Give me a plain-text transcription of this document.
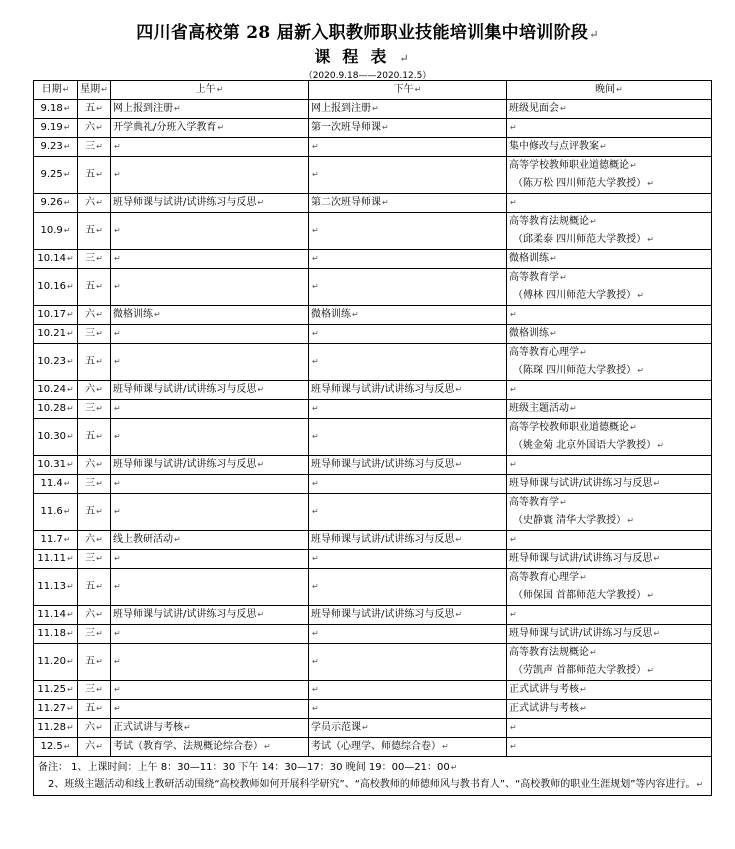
四川省高校第 28 届新入职教师职业技能培训集中培训阶段↵
课程表↵
（2020.9.18——2020.12.5）
日期↵	星期↵	上午↵	下午↵	晚间↵
9.18↵	五↵	网上报到注册↵	网上报到注册↵	班级见面会↵

9.19↵	六↵	开学典礼/分班入学教育↵	第一次班导师课↵	↵

9.23↵	三↵	↵	↵	集中修改与点评教案↵

9.25↵	五↵	↵	↵	高等学校教师职业道德概论↵
（陈万松 四川师范大学教授）↵

9.26↵	六↵	班导师课与试讲/试讲练习与反思↵	第二次班导师课↵	↵

10.9↵	五↵	↵	↵	高等教育法规概论↵
（邱柔泰 四川师范大学教授）↵

10.14↵	三↵	↵	↵	微格训练↵

10.16↵	五↵	↵	↵	高等教育学↵
（傅林 四川师范大学教授）↵

10.17↵	六↵	微格训练↵	微格训练↵	↵

10.21↵	三↵	↵	↵	微格训练↵

10.23↵	五↵	↵	↵	高等教育心理学↵
（陈琛 四川师范大学教授）↵

10.24↵	六↵	班导师课与试讲/试讲练习与反思↵	班导师课与试讲/试讲练习与反思↵	↵

10.28↵	三↵	↵	↵	班级主题活动↵

10.30↵	五↵	↵	↵	高等学校教师职业道德概论↵
（姚金菊 北京外国语大学教授）↵

10.31↵	六↵	班导师课与试讲/试讲练习与反思↵	班导师课与试讲/试讲练习与反思↵	↵

11.4↵	三↵	↵	↵	班导师课与试讲/试讲练习与反思↵

11.6↵	五↵	↵	↵	高等教育学↵
（史静寰 清华大学教授）↵

11.7↵	六↵	线上教研活动↵	班导师课与试讲/试讲练习与反思↵	↵

11.11↵	三↵	↵	↵	班导师课与试讲/试讲练习与反思↵

11.13↵	五↵	↵	↵	高等教育心理学↵
（师保国 首都师范大学教授）↵

11.14↵	六↵	班导师课与试讲/试讲练习与反思↵	班导师课与试讲/试讲练习与反思↵	↵

11.18↵	三↵	↵	↵	班导师课与试讲/试讲练习与反思↵

11.20↵	五↵	↵	↵	高等教育法规概论↵
（劳凯声 首都师范大学教授）↵

11.25↵	三↵	↵	↵	正式试讲与考核↵

11.27↵	五↵	↵	↵	正式试讲与考核↵

11.28↵	六↵	正式试讲与考核↵	学员示范课↵	↵

12.5↵	六↵	考试（教育学、法规概论综合卷）↵	考试（心理学、师德综合卷）↵	↵

备注： 1、上课时间：上午 8：30—11：30 下午 14：30—17：30 晚间 19：00—21：00↵
2、班级主题活动和线上教研活动围绕“高校教师如何开展科学研究”、“高校教师的师德师风与教书育人”、“高校教师的职业生涯规划”等内容进行。↵				
